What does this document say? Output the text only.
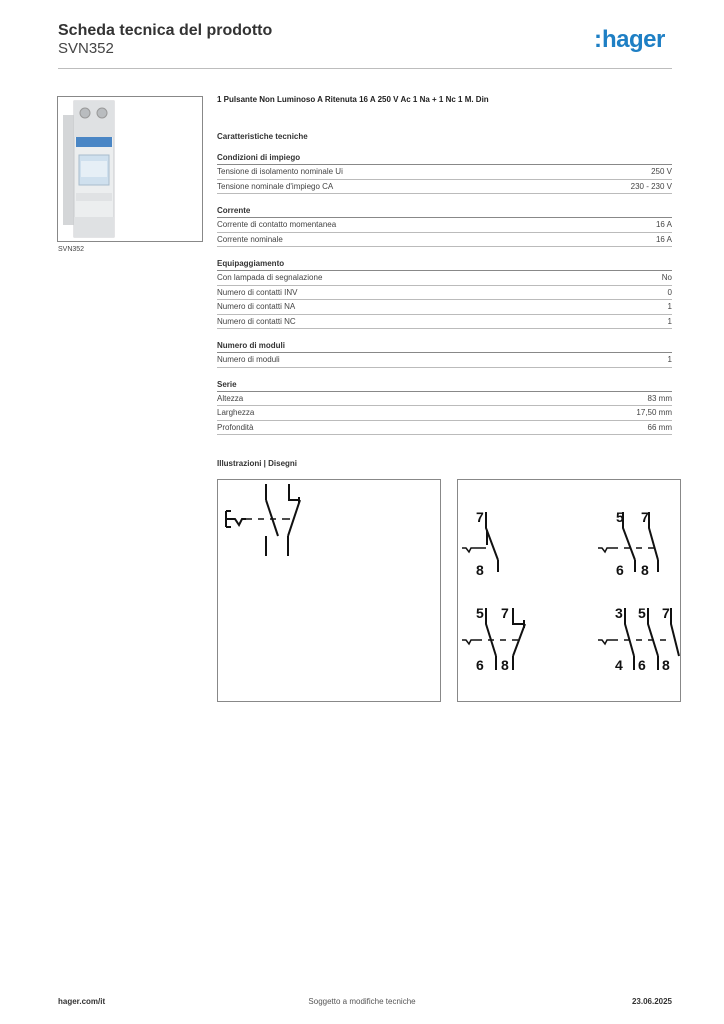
Scheda tecnica del prodotto
SVN352	:hager
SVN352
1 Pulsante Non Luminoso A Ritenuta 16 A 250 V Ac 1 Na + 1 Nc 1 M. Din
Caratteristiche tecniche
Condizioni di impiego
Tensione di isolamento nominale Ui	250 V
Tensione nominale d'impiego CA	230 - 230 V
Corrente
Corrente di contatto momentanea	16 A
Corrente nominale	16 A
Equipaggiamento
Con lampada di segnalazione	No
Numero di contatti INV	0
Numero di contatti NA	1
Numero di contatti NC	1
Numero di moduli
Numero di moduli	1
Serie
Altezza	83 mm
Larghezza	17,50 mm
Profondità	66 mm
Illustrazioni | Disegni
7
8
5 7
6 8
5 7
6 8
3 5 7
4 6 8
hager.com/it	Soggetto a modifiche tecniche	23.06.2025
